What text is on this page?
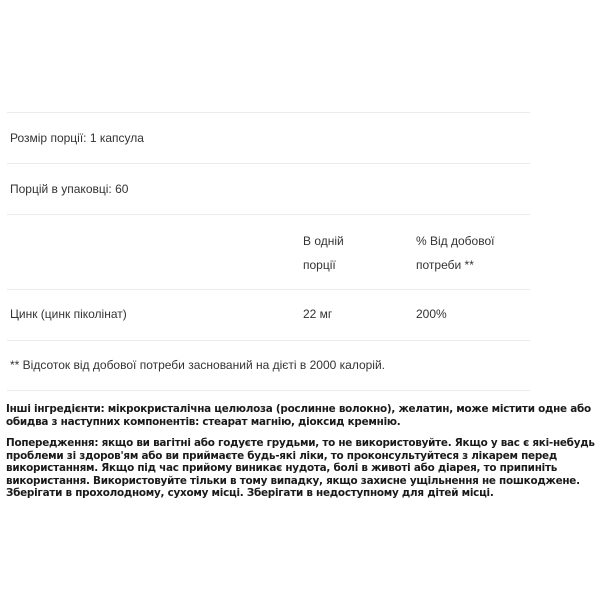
Розмір порції: 1 капсула
Порцій в упаковці: 60
В одній
порції
% Від добової
потреби **
Цинк (цинк піколінат)	22 мг	200%
** Відсоток від добової потреби заснований на дієті в 2000 калорій.

Інші інгредієнти: мікрокристалічна целюлоза (рослинне волокно), желатин, може містити одне або обидва з наступних компонентів: стеарат магнію, діоксид кремнію.

Попередження: якщо ви вагітні або годуєте грудьми, то не використовуйте. Якщо у вас є які-небудь проблеми зі здоров'ям або ви приймаєте будь-які ліки, то проконсультуйтеся з лікарем перед використанням. Якщо під час прийому виникає нудота, болі в животі або діарея, то припиніть використання. Використовуйте тільки в тому випадку, якщо захисне ущільнення не пошкоджене. Зберігати в прохолодному, сухому місці. Зберігати в недоступному для дітей місці.
